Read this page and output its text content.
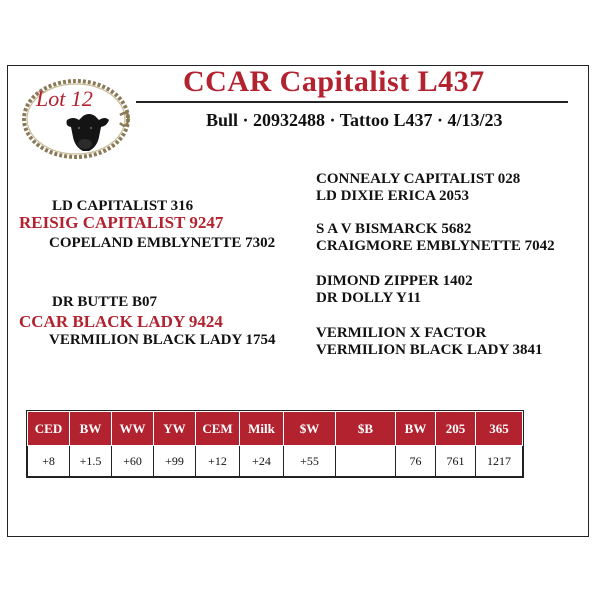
Lot 12
CCAR Capitalist L437
Bull · 20932488 · Tattoo L437 · 4/13/23
LD CAPITALIST 316
REISIG CAPITALIST 9247
COPELAND EMBLYNETTE 7302
DR BUTTE B07
CCAR BLACK LADY 9424
VERMILION BLACK LADY 1754
CONNEALY CAPITALIST 028
LD DIXIE ERICA 2053
S A V BISMARCK 5682
CRAIGMORE EMBLYNETTE 7042
DIMOND ZIPPER 1402
DR DOLLY Y11
VERMILION X FACTOR
VERMILION BLACK LADY 3841
CED	BW	WW	YW	CEM	Milk	$W	$B	BW	205	365
+8	+1.5	+60	+99	+12	+24	+55		76	761	1217
